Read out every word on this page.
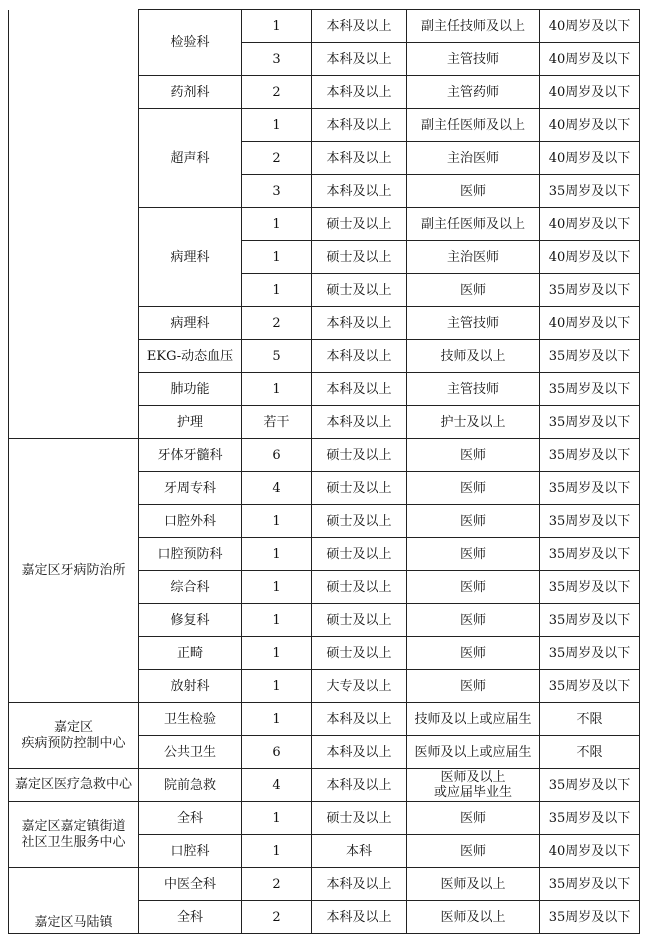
	检验科	1	本科及以上	副主任技师及以上	40周岁及以下
		3	本科及以上	主管技师	40周岁及以下
	药剂科	2	本科及以上	主管药师	40周岁及以下
	超声科	1	本科及以上	副主任医师及以上	40周岁及以下
		2	本科及以上	主治医师	40周岁及以下
		3	本科及以上	医师	35周岁及以下
	病理科	1	硕士及以上	副主任医师及以上	40周岁及以下
		1	硕士及以上	主治医师	40周岁及以下
		1	硕士及以上	医师	35周岁及以下
	病理科	2	本科及以上	主管技师	40周岁及以下
	EKG-动态血压	5	本科及以上	技师及以上	35周岁及以下
	肺功能	1	本科及以上	主管技师	35周岁及以下
	护理	若干	本科及以上	护士及以上	35周岁及以下
嘉定区牙病防治所	牙体牙髓科	6	硕士及以上	医师	35周岁及以下
	牙周专科	4	硕士及以上	医师	35周岁及以下
	口腔外科	1	硕士及以上	医师	35周岁及以下
	口腔预防科	1	硕士及以上	医师	35周岁及以下
	综合科	1	硕士及以上	医师	35周岁及以下
	修复科	1	硕士及以上	医师	35周岁及以下
	正畸	1	硕士及以上	医师	35周岁及以下
	放射科	1	大专及以上	医师	35周岁及以下
嘉定区
疾病预防控制中心	卫生检验	1	本科及以上	技师及以上或应届生	不限
	公共卫生	6	本科及以上	医师及以上或应届生	不限
嘉定区医疗急救中心	院前急救	4	本科及以上	医师及以上
或应届毕业生	35周岁及以下
嘉定区嘉定镇街道
社区卫生服务中心	全科	1	硕士及以上	医师	35周岁及以下
	口腔科	1	本科	医师	40周岁及以下
嘉定区马陆镇	中医全科	2	本科及以上	医师及以上	35周岁及以下
	全科	2	本科及以上	医师及以上	35周岁及以下
